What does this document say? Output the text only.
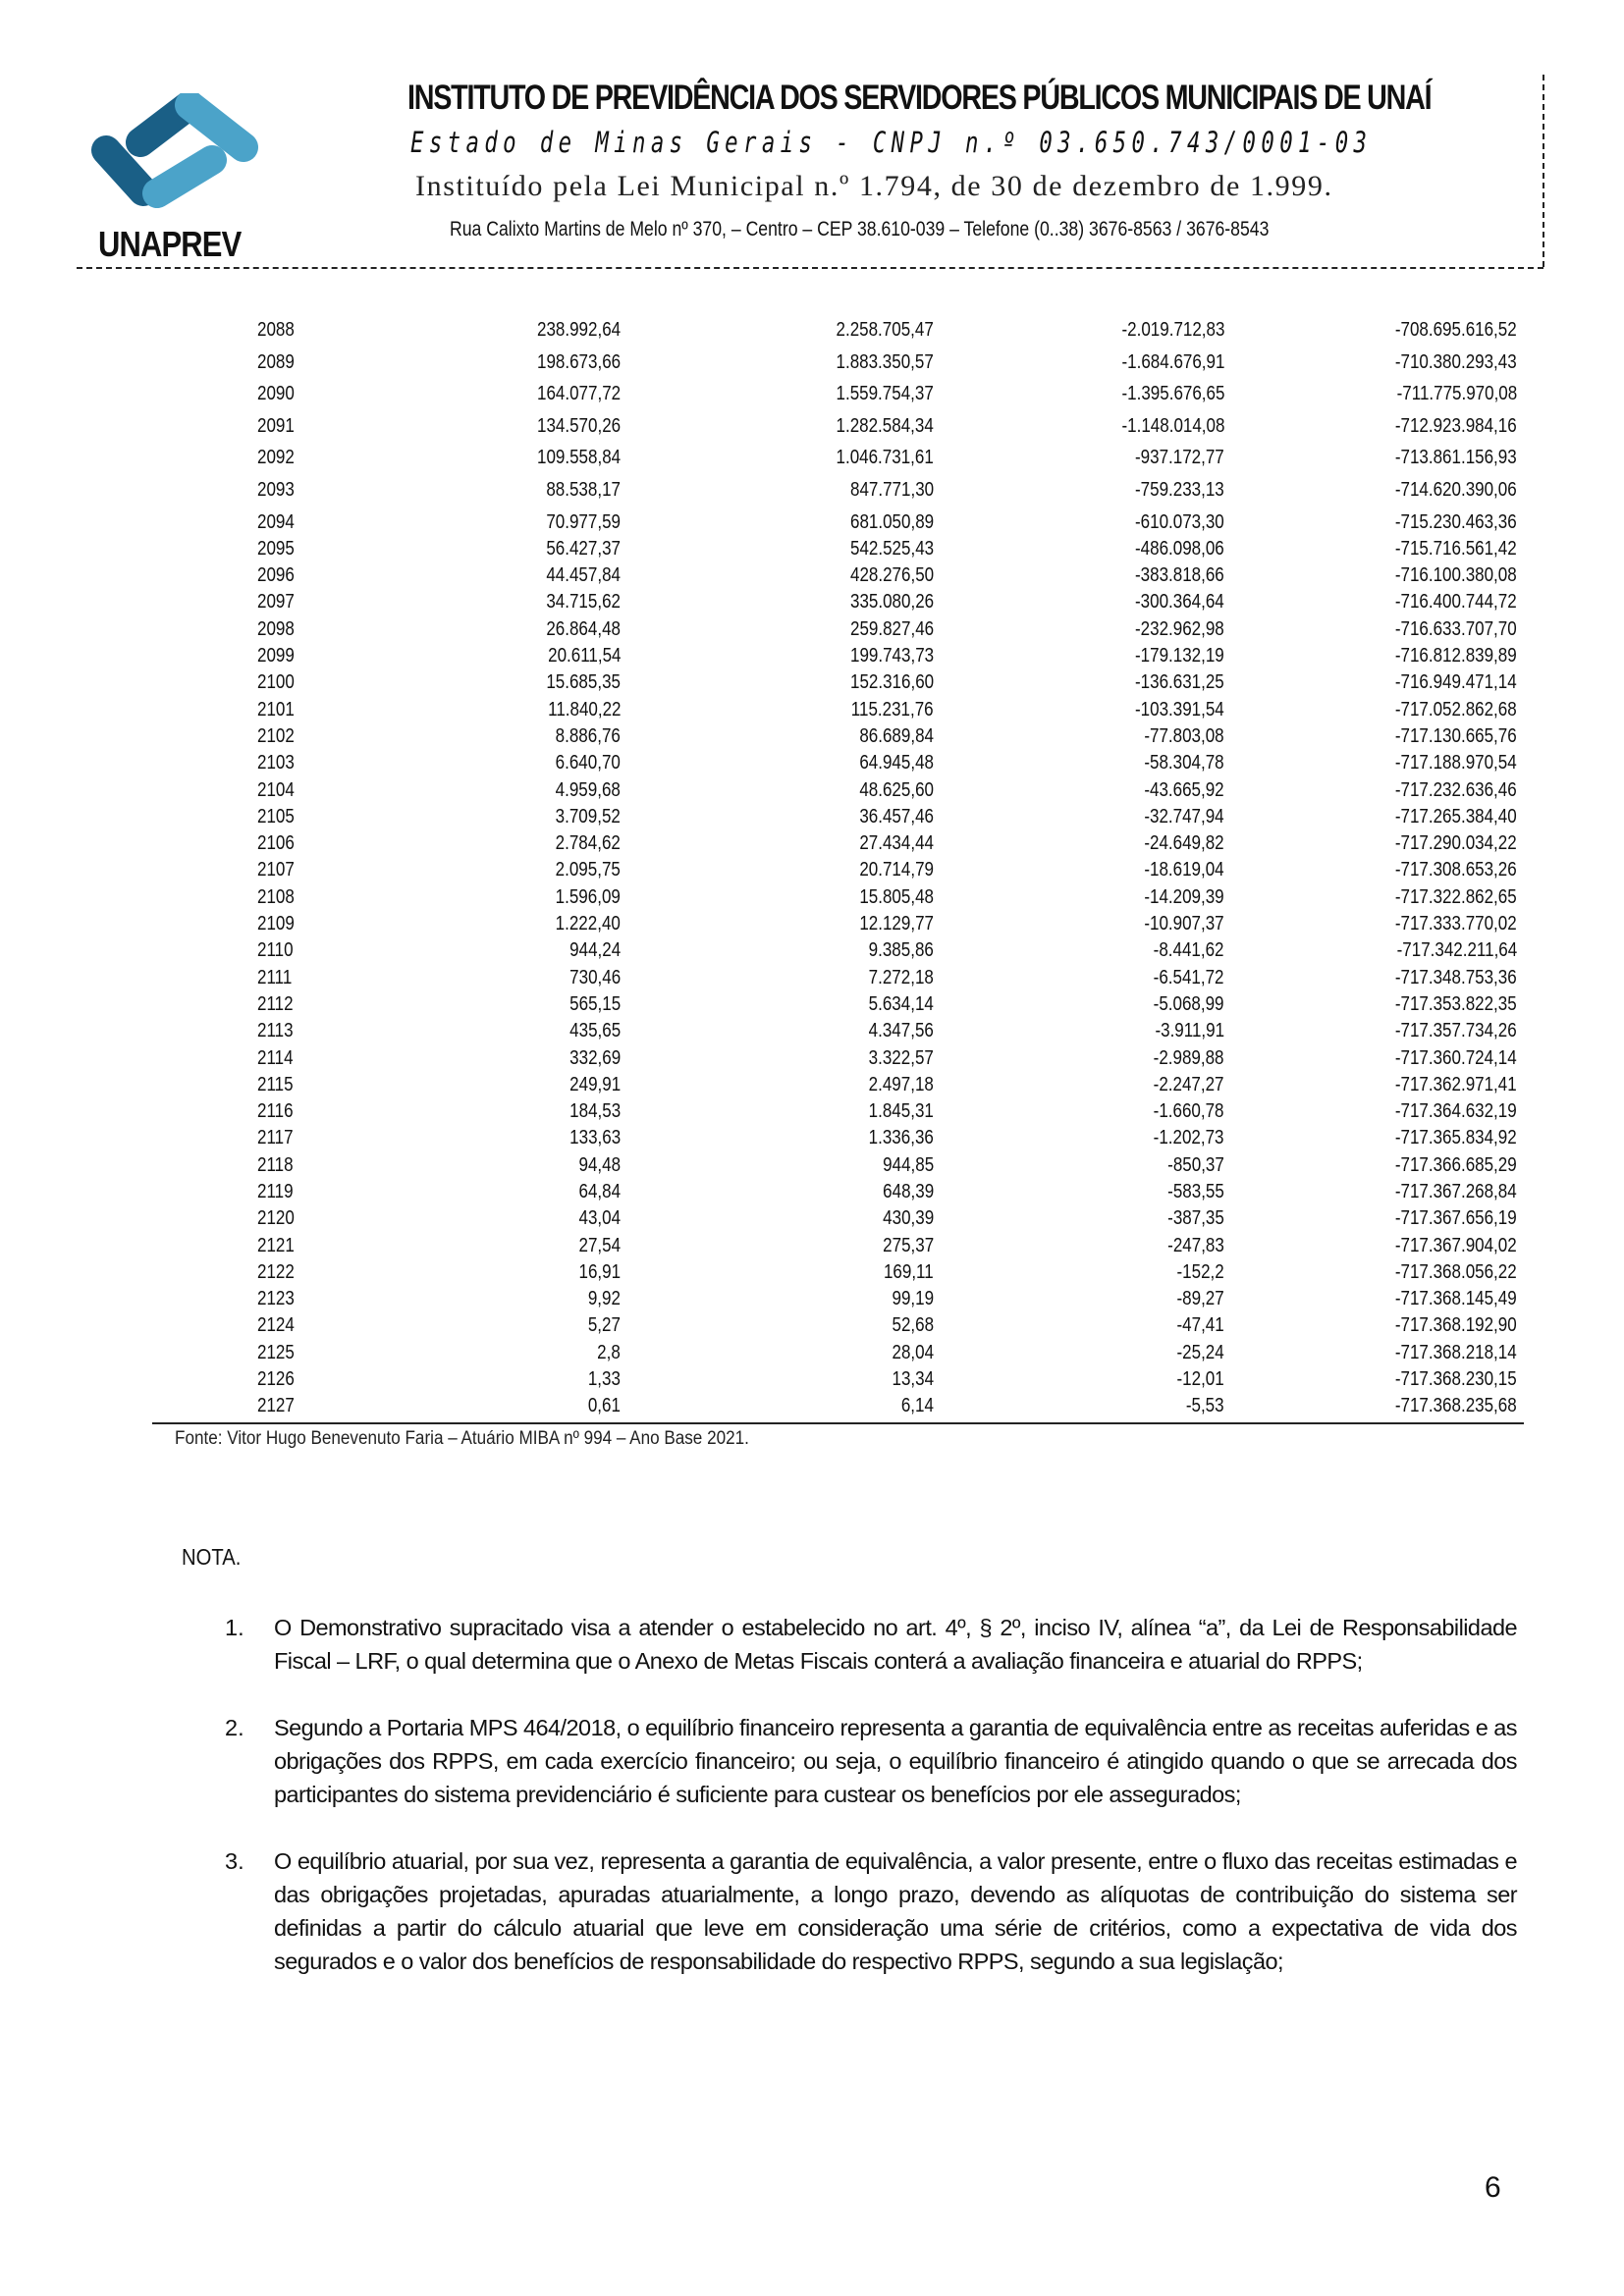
UNAPREV
INSTITUTO DE PREVIDÊNCIA DOS SERVIDORES PÚBLICOS MUNICIPAIS DE UNAÍ
Estado de Minas Gerais - CNPJ n.º 03.650.743/0001-03
Instituído pela Lei Municipal n.º 1.794, de 30 de dezembro de 1.999.
Rua Calixto Martins de Melo nº 370, – Centro – CEP 38.610-039 – Telefone (0..38) 3676-8563 / 3676-8543
2088	238.992,64	2.258.705,47	-2.019.712,83	-708.695.616,52
2089	198.673,66	1.883.350,57	-1.684.676,91	-710.380.293,43
2090	164.077,72	1.559.754,37	-1.395.676,65	-711.775.970,08
2091	134.570,26	1.282.584,34	-1.148.014,08	-712.923.984,16
2092	109.558,84	1.046.731,61	-937.172,77	-713.861.156,93
2093	88.538,17	847.771,30	-759.233,13	-714.620.390,06
2094	70.977,59	681.050,89	-610.073,30	-715.230.463,36
2095	56.427,37	542.525,43	-486.098,06	-715.716.561,42
2096	44.457,84	428.276,50	-383.818,66	-716.100.380,08
2097	34.715,62	335.080,26	-300.364,64	-716.400.744,72
2098	26.864,48	259.827,46	-232.962,98	-716.633.707,70
2099	20.611,54	199.743,73	-179.132,19	-716.812.839,89
2100	15.685,35	152.316,60	-136.631,25	-716.949.471,14
2101	11.840,22	115.231,76	-103.391,54	-717.052.862,68
2102	8.886,76	86.689,84	-77.803,08	-717.130.665,76
2103	6.640,70	64.945,48	-58.304,78	-717.188.970,54
2104	4.959,68	48.625,60	-43.665,92	-717.232.636,46
2105	3.709,52	36.457,46	-32.747,94	-717.265.384,40
2106	2.784,62	27.434,44	-24.649,82	-717.290.034,22
2107	2.095,75	20.714,79	-18.619,04	-717.308.653,26
2108	1.596,09	15.805,48	-14.209,39	-717.322.862,65
2109	1.222,40	12.129,77	-10.907,37	-717.333.770,02
2110	944,24	9.385,86	-8.441,62	-717.342.211,64
2111	730,46	7.272,18	-6.541,72	-717.348.753,36
2112	565,15	5.634,14	-5.068,99	-717.353.822,35
2113	435,65	4.347,56	-3.911,91	-717.357.734,26
2114	332,69	3.322,57	-2.989,88	-717.360.724,14
2115	249,91	2.497,18	-2.247,27	-717.362.971,41
2116	184,53	1.845,31	-1.660,78	-717.364.632,19
2117	133,63	1.336,36	-1.202,73	-717.365.834,92
2118	94,48	944,85	-850,37	-717.366.685,29
2119	64,84	648,39	-583,55	-717.367.268,84
2120	43,04	430,39	-387,35	-717.367.656,19
2121	27,54	275,37	-247,83	-717.367.904,02
2122	16,91	169,11	-152,2	-717.368.056,22
2123	9,92	99,19	-89,27	-717.368.145,49
2124	5,27	52,68	-47,41	-717.368.192,90
2125	2,8	28,04	-25,24	-717.368.218,14
2126	1,33	13,34	-12,01	-717.368.230,15
2127	0,61	6,14	-5,53	-717.368.235,68
Fonte: Vitor Hugo Benevenuto Faria – Atuário MIBA nº 994 – Ano Base 2021.
NOTA.
1. O Demonstrativo supracitado visa a atender o estabelecido no art. 4º, § 2º, inciso IV, alínea “a”, da Lei de Responsabilidade Fiscal – LRF, o qual determina que o Anexo de Metas Fiscais conterá a avaliação financeira e atuarial do RPPS;
2. Segundo a Portaria MPS 464/2018, o equilíbrio financeiro representa a garantia de equivalência entre as receitas auferidas e as obrigações dos RPPS, em cada exercício financeiro; ou seja, o equilíbrio financeiro é atingido quando o que se arrecada dos participantes do sistema previdenciário é suficiente para custear os benefícios por ele assegurados;
3. O equilíbrio atuarial, por sua vez, representa a garantia de equivalência, a valor presente, entre o fluxo das receitas estimadas e das obrigações projetadas, apuradas atuarialmente, a longo prazo, devendo as alíquotas de contribuição do sistema ser definidas a partir do cálculo atuarial que leve em consideração uma série de critérios, como a expectativa de vida dos segurados e o valor dos benefícios de responsabilidade do respectivo RPPS, segundo a sua legislação;
6
